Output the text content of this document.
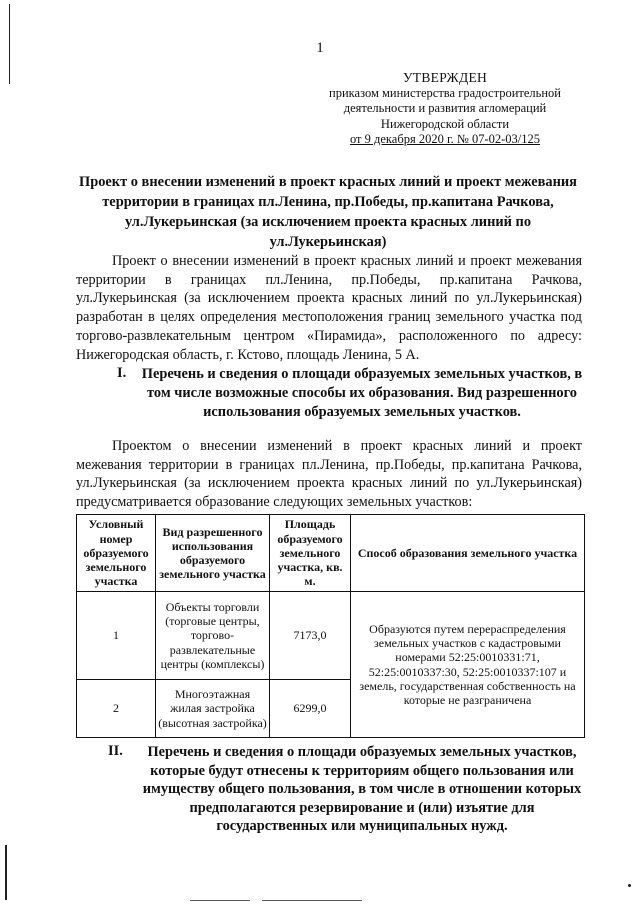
1
УТВЕРЖДЕН
приказом министерства градостроительной
деятельности и развития агломераций
Нижегородской области
от 9 декабря 2020 г. № 07-02-03/125
Проект о внесении изменений в проект красных линий и проект межевания территории в границах пл.Ленина, пр.Победы, пр.капитана Рачкова, ул.Лукерьинская (за исключением проекта красных линий по ул.Лукерьинская)
Проект о внесении изменений в проект красных линий и проект межевания территории в границах пл.Ленина, пр.Победы, пр.капитана Рачкова, ул.Лукерьинская (за исключением проекта красных линий по ул.Лукерьинская) разработан в целях определения местоположения границ земельного участка под торгово-развлекательным центром «Пирамида», расположенного по адресу: Нижегородская область, г. Кстово, площадь Ленина, 5 А.
I. Перечень и сведения о площади образуемых земельных участков, в том числе возможные способы их образования. Вид разрешенного использования образуемых земельных участков.
Проектом о внесении изменений в проект красных линий и проект межевания территории в границах пл.Ленина, пр.Победы, пр.капитана Рачкова, ул.Лукерьинская (за исключением проекта красных линий по ул.Лукерьинская) предусматривается образование следующих земельных участков:
Условный номер образуемого земельного участка	Вид разрешенного использования образуемого земельного участка	Площадь образуемого земельного участка, кв. м.	Способ образования земельного участка
1	Объекты торговли (торговые центры, торгово-развлекательные центры (комплексы)	7173,0	Образуются путем перераспределения земельных участков с кадастровыми номерами 52:25:0010331:71, 52:25:0010337:30, 52:25:0010337:107 и земель, государственная собственность на которые не разграничена
2	Многоэтажная жилая застройка (высотная застройка)	6299,0	
II.	Перечень и сведения о площади образуемых земельных участков, которые будут отнесены к территориям общего пользования или имуществу общего пользования, в том числе в отношении которых предполагаются резервирование и (или) изъятие для государственных или муниципальных нужд.
